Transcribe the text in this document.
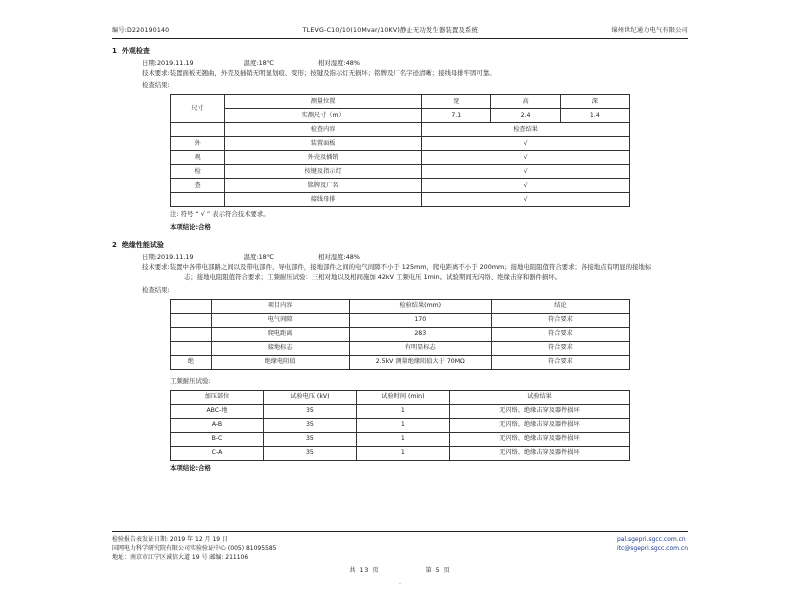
编号:D220190140	TLEVG-C10/10(10Mvar/10KV)静止无功发生器装置及系统	锦州世纪通力电气有限公司
1 外观检查
日期:2019.11.19	温度:18℃	相对湿度:48%
技术要求:装置面板无翘曲，外壳及插销无明显划痕、变形；按键及指示灯无损坏；铭牌及厂名字迹清晰；接线母排牢固可靠。
检查结果:
尺寸	测量位置	宽	高	深
	实测尺寸（m）	7.1	2.4	1.4
	检查内容	检查结果		
外	装置面板	√		
观	外壳及插销	√		
检	按键及指示灯	√		
查	铭牌及厂名	√		
	接线母排	√		
注: 符号 “ √ ” 表示符合技术要求。
本项结论:合格
2 绝缘性能试验
日期:2019.11.19	温度:18℃	相对湿度:48%
技术要求:装置中各带电部路之间以及带电部件、导电部件，接地部件之间的电气间隙不小于 125mm，爬电距离不小于 200mm；接地电阻阻值符合要求；各接地点有明显的接地标志；接地电阻阻值符合要求；工频耐压试验：三相对地以及相间施加 42kV 工频电压 1min。试验期间无闪络、绝缘击穿和器件损坏。
检查结果:
	项目内容	检验结果(mm)	结论
	电气间隙	170	符合要求
	爬电距离	283	符合要求
	接地标志	有明显标志	符合要求
绝	绝缘电阻值	2.5kV 测量绝缘阻值大于 70MΩ	符合要求
工频耐压试验:
加压部位	试验电压 (kV)	试验时间 (min)	试验结果
ABC-地	35	1	无闪络、绝缘击穿及器件损坏
A-B	35	1	无闪络、绝缘击穿及器件损坏
B-C	35	1	无闪络、绝缘击穿及器件损坏
C-A	35	1	无闪络、绝缘击穿及器件损坏
本项结论:合格
检验报告表发证日期: 2019 年 12 月 19 日
国网电力科学研究院有限公司实验验证中心 (005) 81095585
地址：南京市江宁区诚信大道 19 号 邮编: 211106
pal.sgepri.sgcc.com.cn
itc@sgepri.sgcc.com.cn
共 13 页	第 5 页
⁻
